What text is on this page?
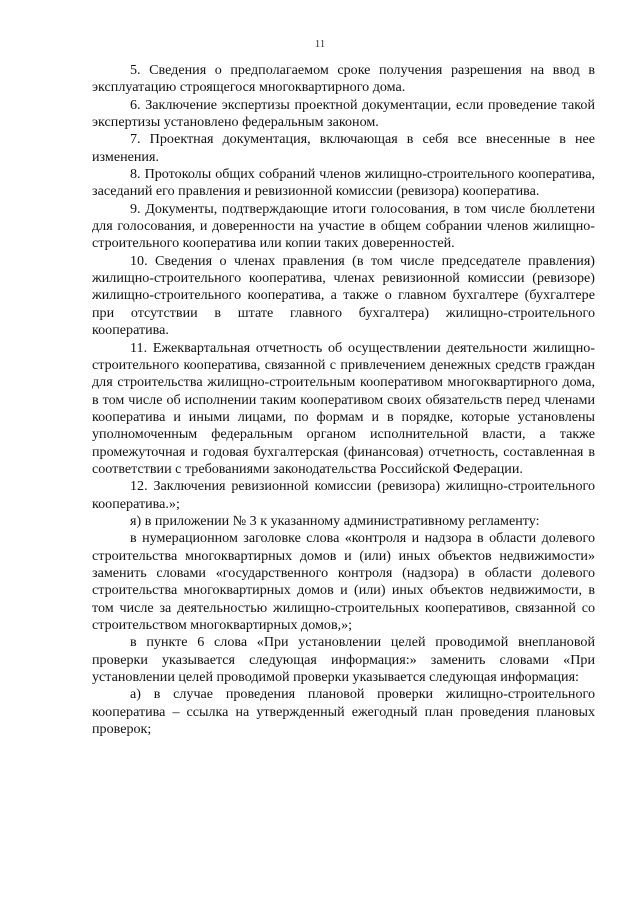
11

5. Сведения о предполагаемом сроке получения разрешения на ввод в эксплуатацию строящегося многоквартирного дома.

6. Заключение экспертизы проектной документации, если проведение такой экспертизы установлено федеральным законом.

7. Проектная документация, включающая в себя все внесенные в нее изменения.

8. Протоколы общих собраний членов жилищно-строительного кооператива, заседаний его правления и ревизионной комиссии (ревизора) кооператива.

9. Документы, подтверждающие итоги голосования, в том числе бюллетени для голосования, и доверенности на участие в общем собрании членов жилищно-строительного кооператива или копии таких доверенностей.

10. Сведения о членах правления (в том числе председателе правления) жилищно-строительного кооператива, членах ревизионной комиссии (ревизоре) жилищно-строительного кооператива, а также о главном бухгалтере (бухгалтере при отсутствии в штате главного бухгалтера) жилищно-строительного кооператива.

11. Ежеквартальная отчетность об осуществлении деятельности жилищно-строительного кооператива, связанной с привлечением денежных средств граждан для строительства жилищно-строительным кооперативом многоквартирного дома, в том числе об исполнении таким кооперативом своих обязательств перед членами кооператива и иными лицами, по формам и в порядке, которые установлены уполномоченным федеральным органом исполнительной власти, а также промежуточная и годовая бухгалтерская (финансовая) отчетность, составленная в соответствии с требованиями законодательства Российской Федерации.

12. Заключения ревизионной комиссии (ревизора) жилищно-строительного кооператива.»;

я) в приложении № 3 к указанному административному регламенту:

в нумерационном заголовке слова «контроля и надзора в области долевого строительства многоквартирных домов и (или) иных объектов недвижимости» заменить словами «государственного контроля (надзора) в области долевого строительства многоквартирных домов и (или) иных объектов недвижимости, в том числе за деятельностью жилищно-строительных кооперативов, связанной со строительством многоквартирных домов,»;

в пункте 6 слова «При установлении целей проводимой внеплановой проверки указывается следующая информация:» заменить словами «При установлении целей проводимой проверки указывается следующая информация:

а) в случае проведения плановой проверки жилищно-строительного кооператива – ссылка на утвержденный ежегодный план проведения плановых проверок;
